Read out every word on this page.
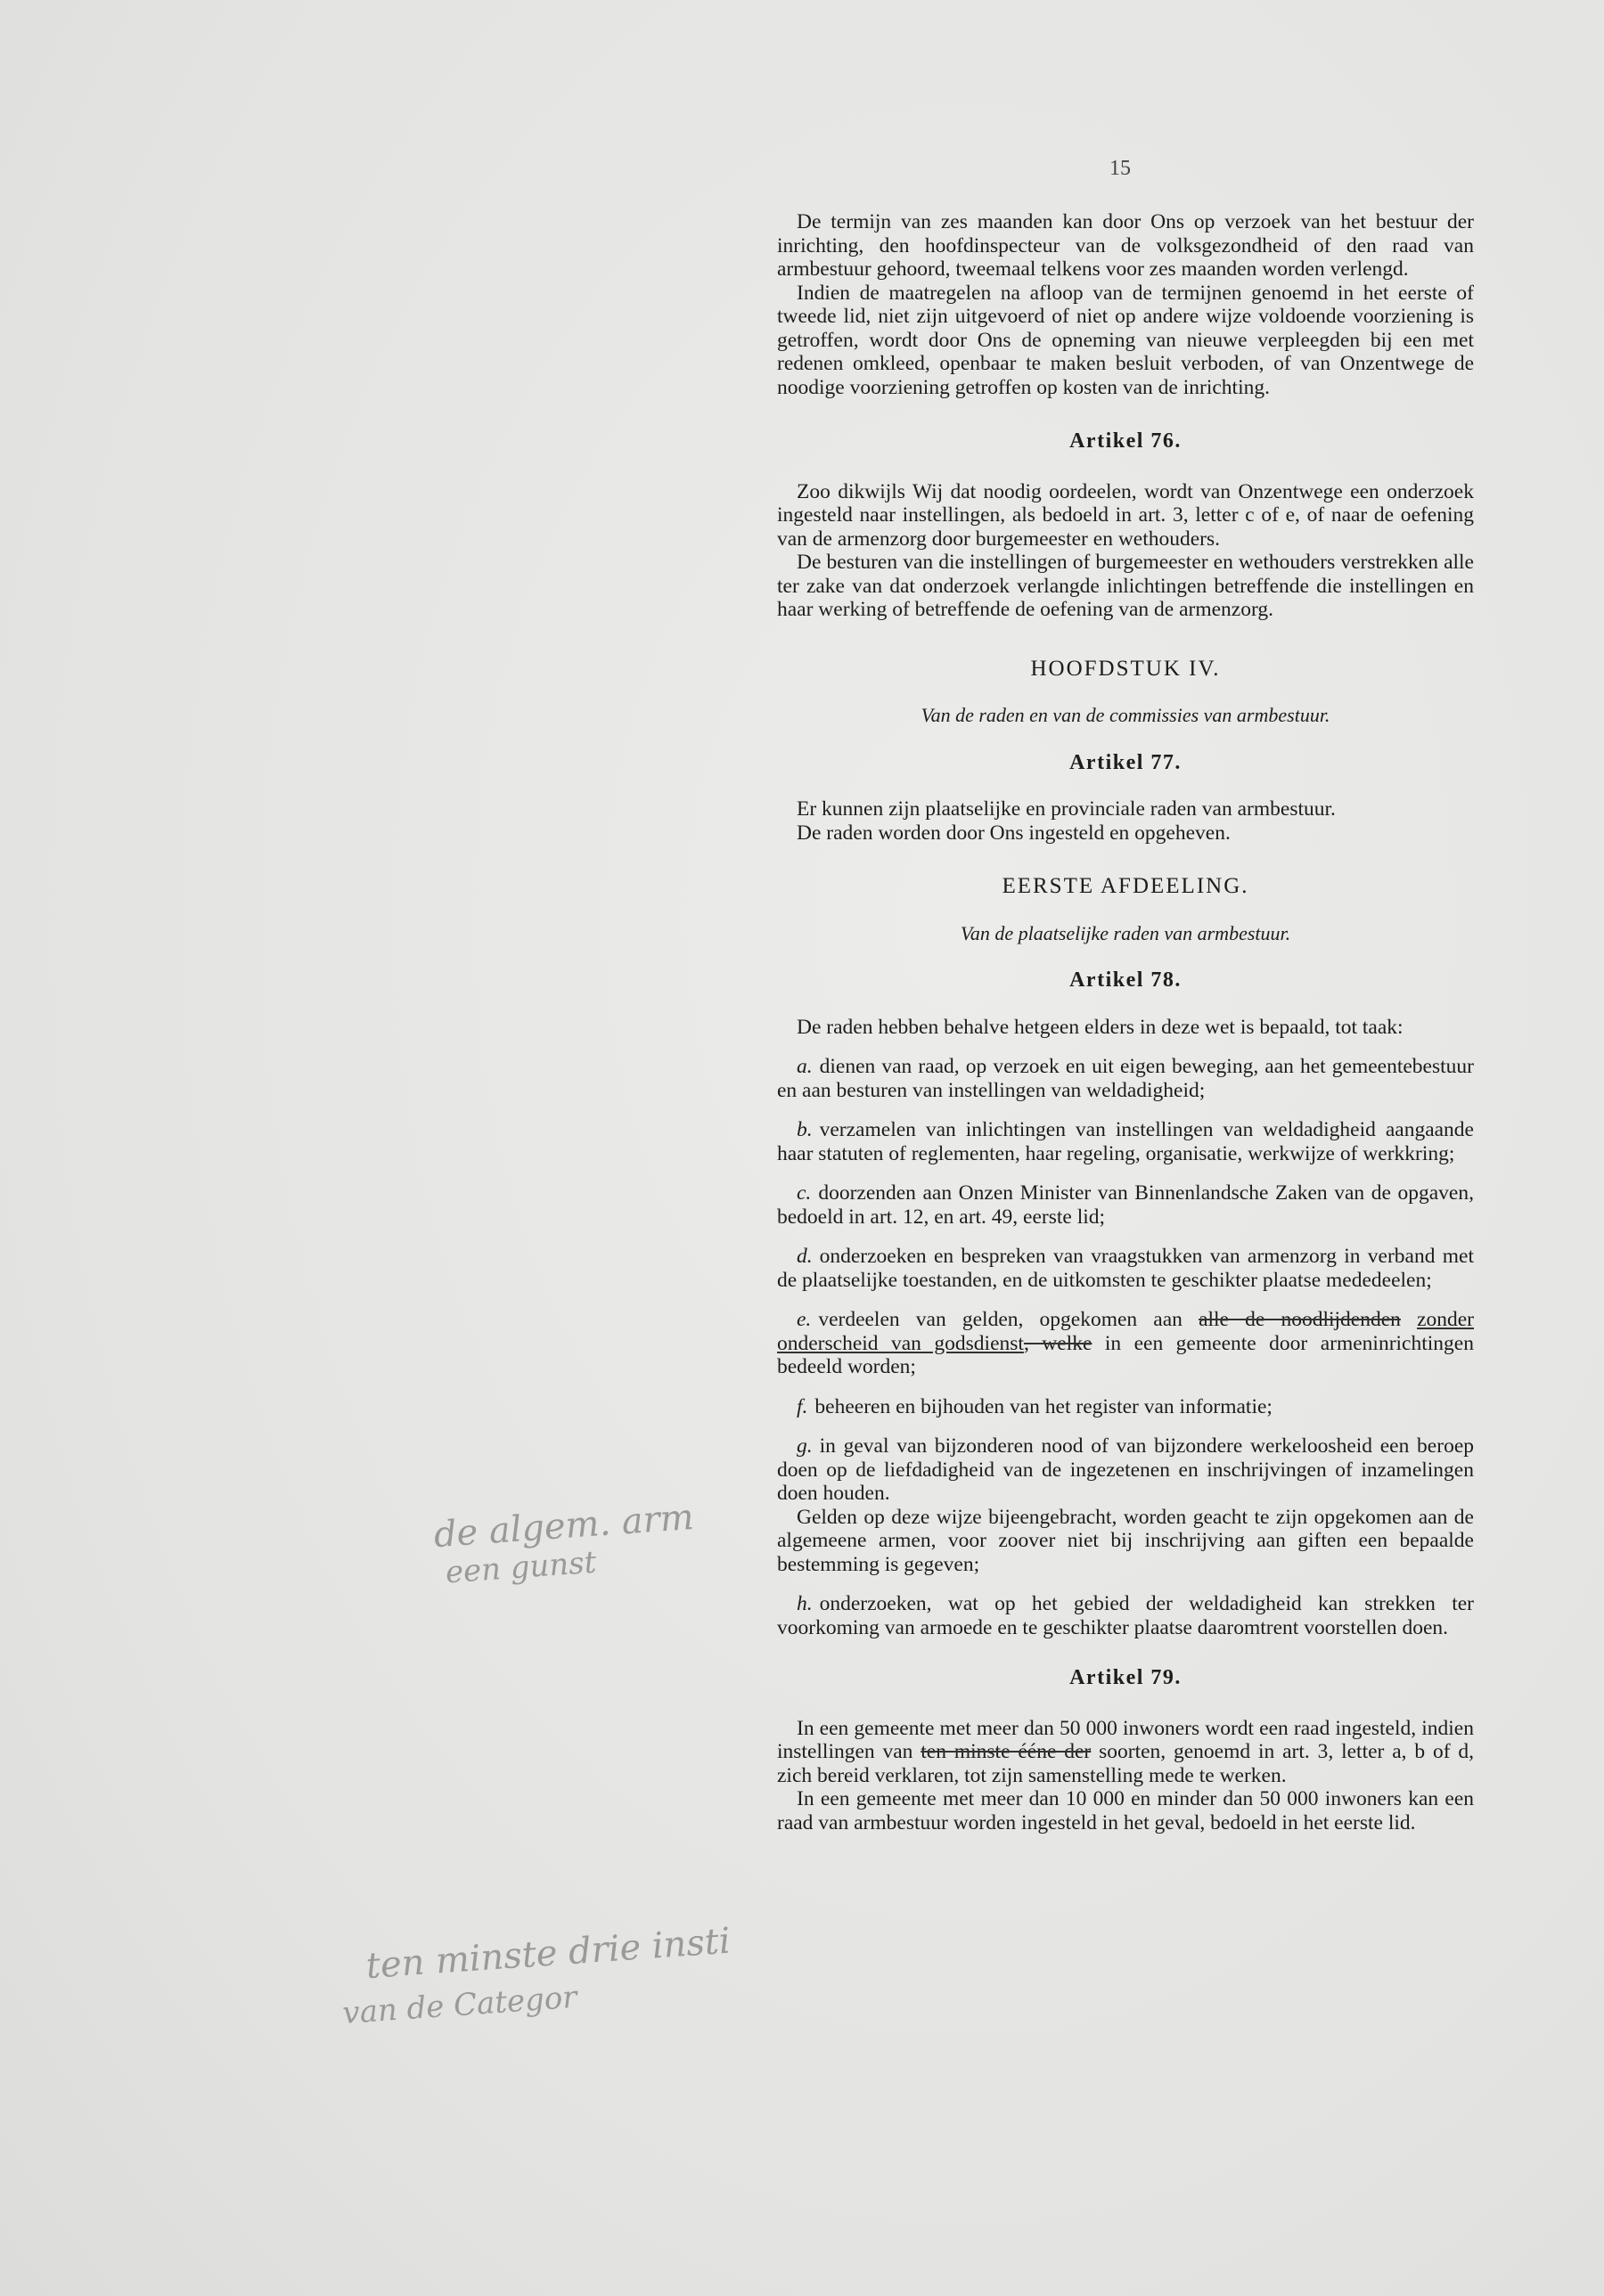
15

De termijn van zes maanden kan door Ons op verzoek van het bestuur der inrichting, den hoofdinspecteur van de volksgezondheid of den raad van armbestuur gehoord, tweemaal telkens voor zes maanden worden verlengd.

Indien de maatregelen na afloop van de termijnen genoemd in het eerste of tweede lid, niet zijn uitgevoerd of niet op andere wijze voldoende voorziening is getroffen, wordt door Ons de opneming van nieuwe verpleegden bij een met redenen omkleed, openbaar te maken besluit verboden, of van Onzentwege de noodige voorziening getroffen op kosten van de inrichting.

Artikel 76.

Zoo dikwijls Wij dat noodig oordeelen, wordt van Onzentwege een onderzoek ingesteld naar instellingen, als bedoeld in art. 3, letter c of e, of naar de oefening van de armenzorg door burgemeester en wethouders.

De besturen van die instellingen of burgemeester en wethouders verstrekken alle ter zake van dat onderzoek verlangde inlichtingen betreffende die instellingen en haar werking of betreffende de oefening van de armenzorg.

HOOFDSTUK IV.

Van de raden en van de commissies van armbestuur.

Artikel 77.

Er kunnen zijn plaatselijke en provinciale raden van armbestuur.

De raden worden door Ons ingesteld en opgeheven.

EERSTE AFDEELING.

Van de plaatselijke raden van armbestuur.

Artikel 78.

De raden hebben behalve hetgeen elders in deze wet is bepaald, tot taak:

a. dienen van raad, op verzoek en uit eigen beweging, aan het gemeentebestuur en aan besturen van instellingen van weldadigheid;

b. verzamelen van inlichtingen van instellingen van weldadigheid aangaande haar statuten of reglementen, haar regeling, organisatie, werkwijze of werkkring;

c. doorzenden aan Onzen Minister van Binnenlandsche Zaken van de opgaven, bedoeld in art. 12, en art. 49, eerste lid;

d. onderzoeken en bespreken van vraagstukken van armenzorg in verband met de plaatselijke toestanden, en de uitkomsten te geschikter plaatse mededeelen;

e. verdeelen van gelden, opgekomen aan alle de noodlijdenden zonder onderscheid van godsdienst, welke in een gemeente door armeninrichtingen bedeeld worden;

f. beheeren en bijhouden van het register van informatie;

g. in geval van bijzonderen nood of van bijzondere werkeloosheid een beroep doen op de liefdadigheid van de ingezetenen en inschrijvingen of inzamelingen doen houden.

Gelden op deze wijze bijeengebracht, worden geacht te zijn opgekomen aan de algemeene armen, voor zoover niet bij inschrijving aan giften een bepaalde bestemming is gegeven;

h. onderzoeken, wat op het gebied der weldadigheid kan strekken ter voorkoming van armoede en te geschikter plaatse daaromtrent voorstellen doen.

Artikel 79.

In een gemeente met meer dan 50 000 inwoners wordt een raad ingesteld, indien instellingen van ten minste ééne der soorten, genoemd in art. 3, letter a, b of d, zich bereid verklaren, tot zijn samenstelling mede te werken.

In een gemeente met meer dan 10 000 en minder dan 50 000 inwoners kan een raad van armbestuur worden ingesteld in het geval, bedoeld in het eerste lid.

de algem. arm
een gunst
ten minste drie insti
van de Categor
